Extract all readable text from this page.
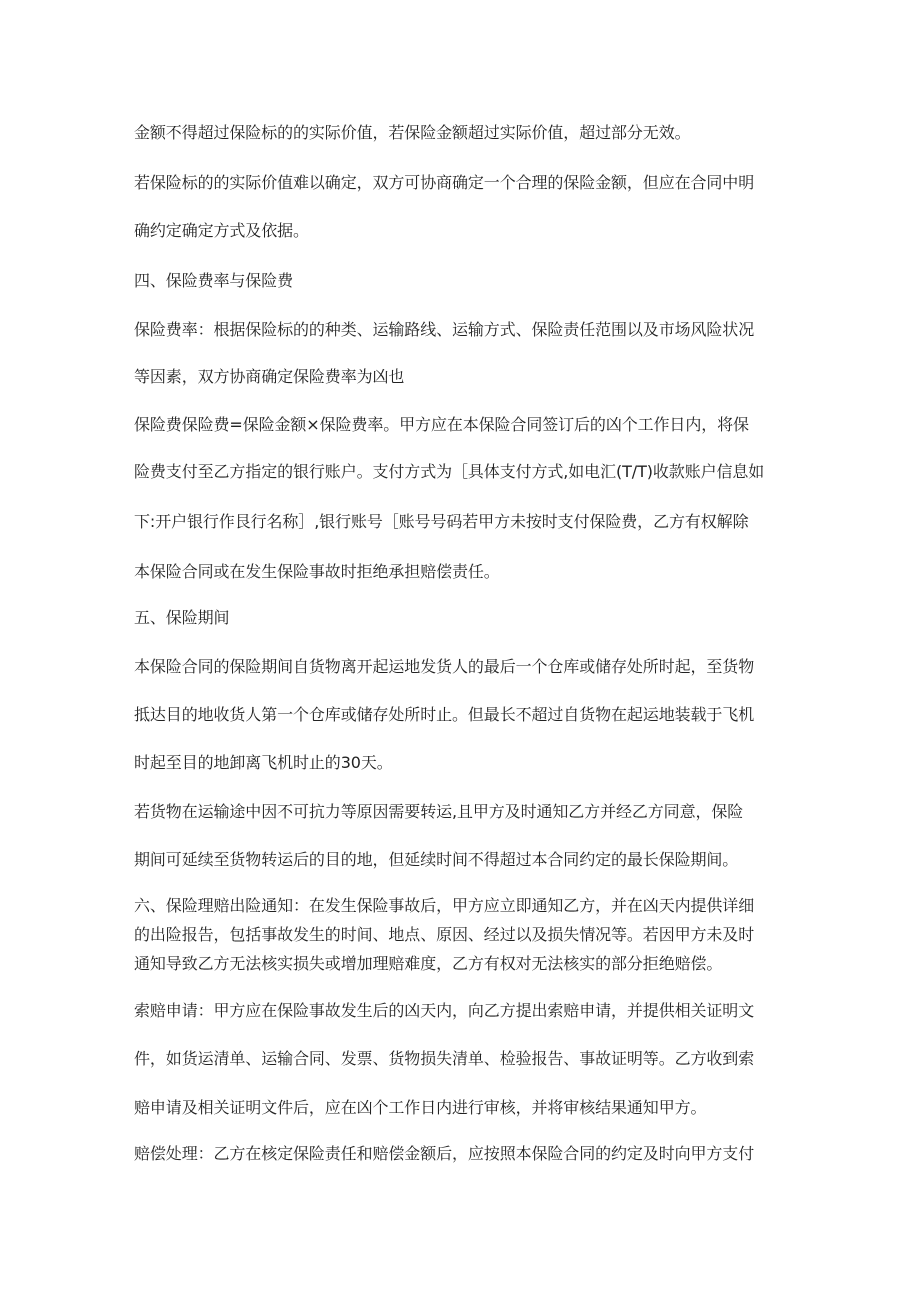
金额不得超过保险标的的实际价值，若保险金额超过实际价值，超过部分无效。

若保险标的的实际价值难以确定，双方可协商确定一个合理的保险金额，但应在合同中明

确约定确定方式及依据。

四、保险费率与保险费

保险费率：根据保险标的的种类、运输路线、运输方式、保险责任范围以及市场风险状况

等因素，双方协商确定保险费率为凶也

保险费保险费=保险金额×保险费率。甲方应在本保险合同签订后的凶个工作日内，将保

险费支付至乙方指定的银行账户。支付方式为［具体支付方式,如电汇(T/T)收款账户信息如

下:开户银行作艮行名称］,银行账号［账号号码若甲方未按时支付保险费，乙方有权解除

本保险合同或在发生保险事故时拒绝承担赔偿责任。

五、保险期间

本保险合同的保险期间自货物离开起运地发货人的最后一个仓库或储存处所时起，至货物

抵达目的地收货人第一个仓库或储存处所时止。但最长不超过自货物在起运地装载于飞机

时起至目的地卸离飞机时止的30天。

若货物在运输途中因不可抗力等原因需要转运,且甲方及时通知乙方并经乙方同意，保险

期间可延续至货物转运后的目的地，但延续时间不得超过本合同约定的最长保险期间。

六、保险理赔出险通知：在发生保险事故后，甲方应立即通知乙方，并在凶天内提供详细

的出险报告，包括事故发生的时间、地点、原因、经过以及损失情况等。若因甲方未及时

通知导致乙方无法核实损失或增加理赔难度，乙方有权对无法核实的部分拒绝赔偿。

索赔申请：甲方应在保险事故发生后的凶天内，向乙方提出索赔申请，并提供相关证明文

件，如货运清单、运输合同、发票、货物损失清单、检验报告、事故证明等。乙方收到索

赔申请及相关证明文件后，应在凶个工作日内进行审核，并将审核结果通知甲方。

赔偿处理：乙方在核定保险责任和赔偿金额后，应按照本保险合同的约定及时向甲方支付
